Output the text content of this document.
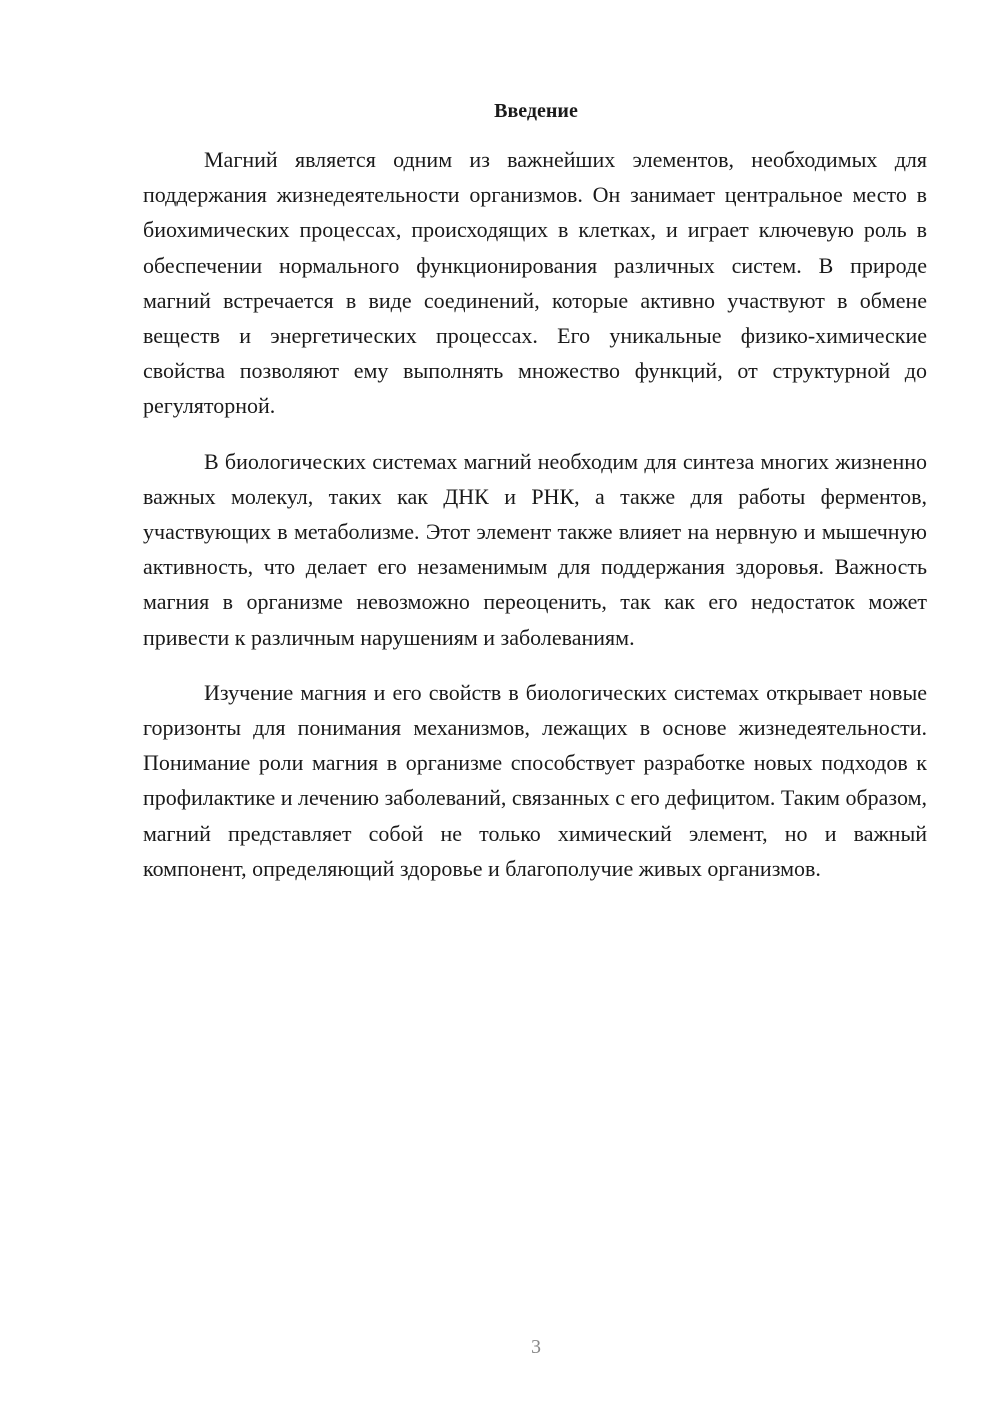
Введение

Магний является одним из важнейших элементов, необходимых для поддержания жизнедеятельности организмов. Он занимает центральное место в биохимических процессах, происходящих в клетках, и играет ключевую роль в обеспечении нормального функционирования различных систем. В природе магний встречается в виде соединений, которые активно участвуют в обмене веществ и энергетических процессах. Его уникальные физико-химические свойства позволяют ему выполнять множество функций, от структурной до регуляторной.

В биологических системах магний необходим для синтеза многих жизненно важных молекул, таких как ДНК и РНК, а также для работы ферментов, участвующих в метаболизме. Этот элемент также влияет на нервную и мышечную активность, что делает его незаменимым для поддержания здоровья. Важность магния в организме невозможно переоценить, так как его недостаток может привести к различным нарушениям и заболеваниям.

Изучение магния и его свойств в биологических системах открывает новые горизонты для понимания механизмов, лежащих в основе жизнедеятельности. Понимание роли магния в организме способствует разработке новых подходов к профилактике и лечению заболеваний, связанных с его дефицитом. Таким образом, магний представляет собой не только химический элемент, но и важный компонент, определяющий здоровье и благополучие живых организмов.

3
